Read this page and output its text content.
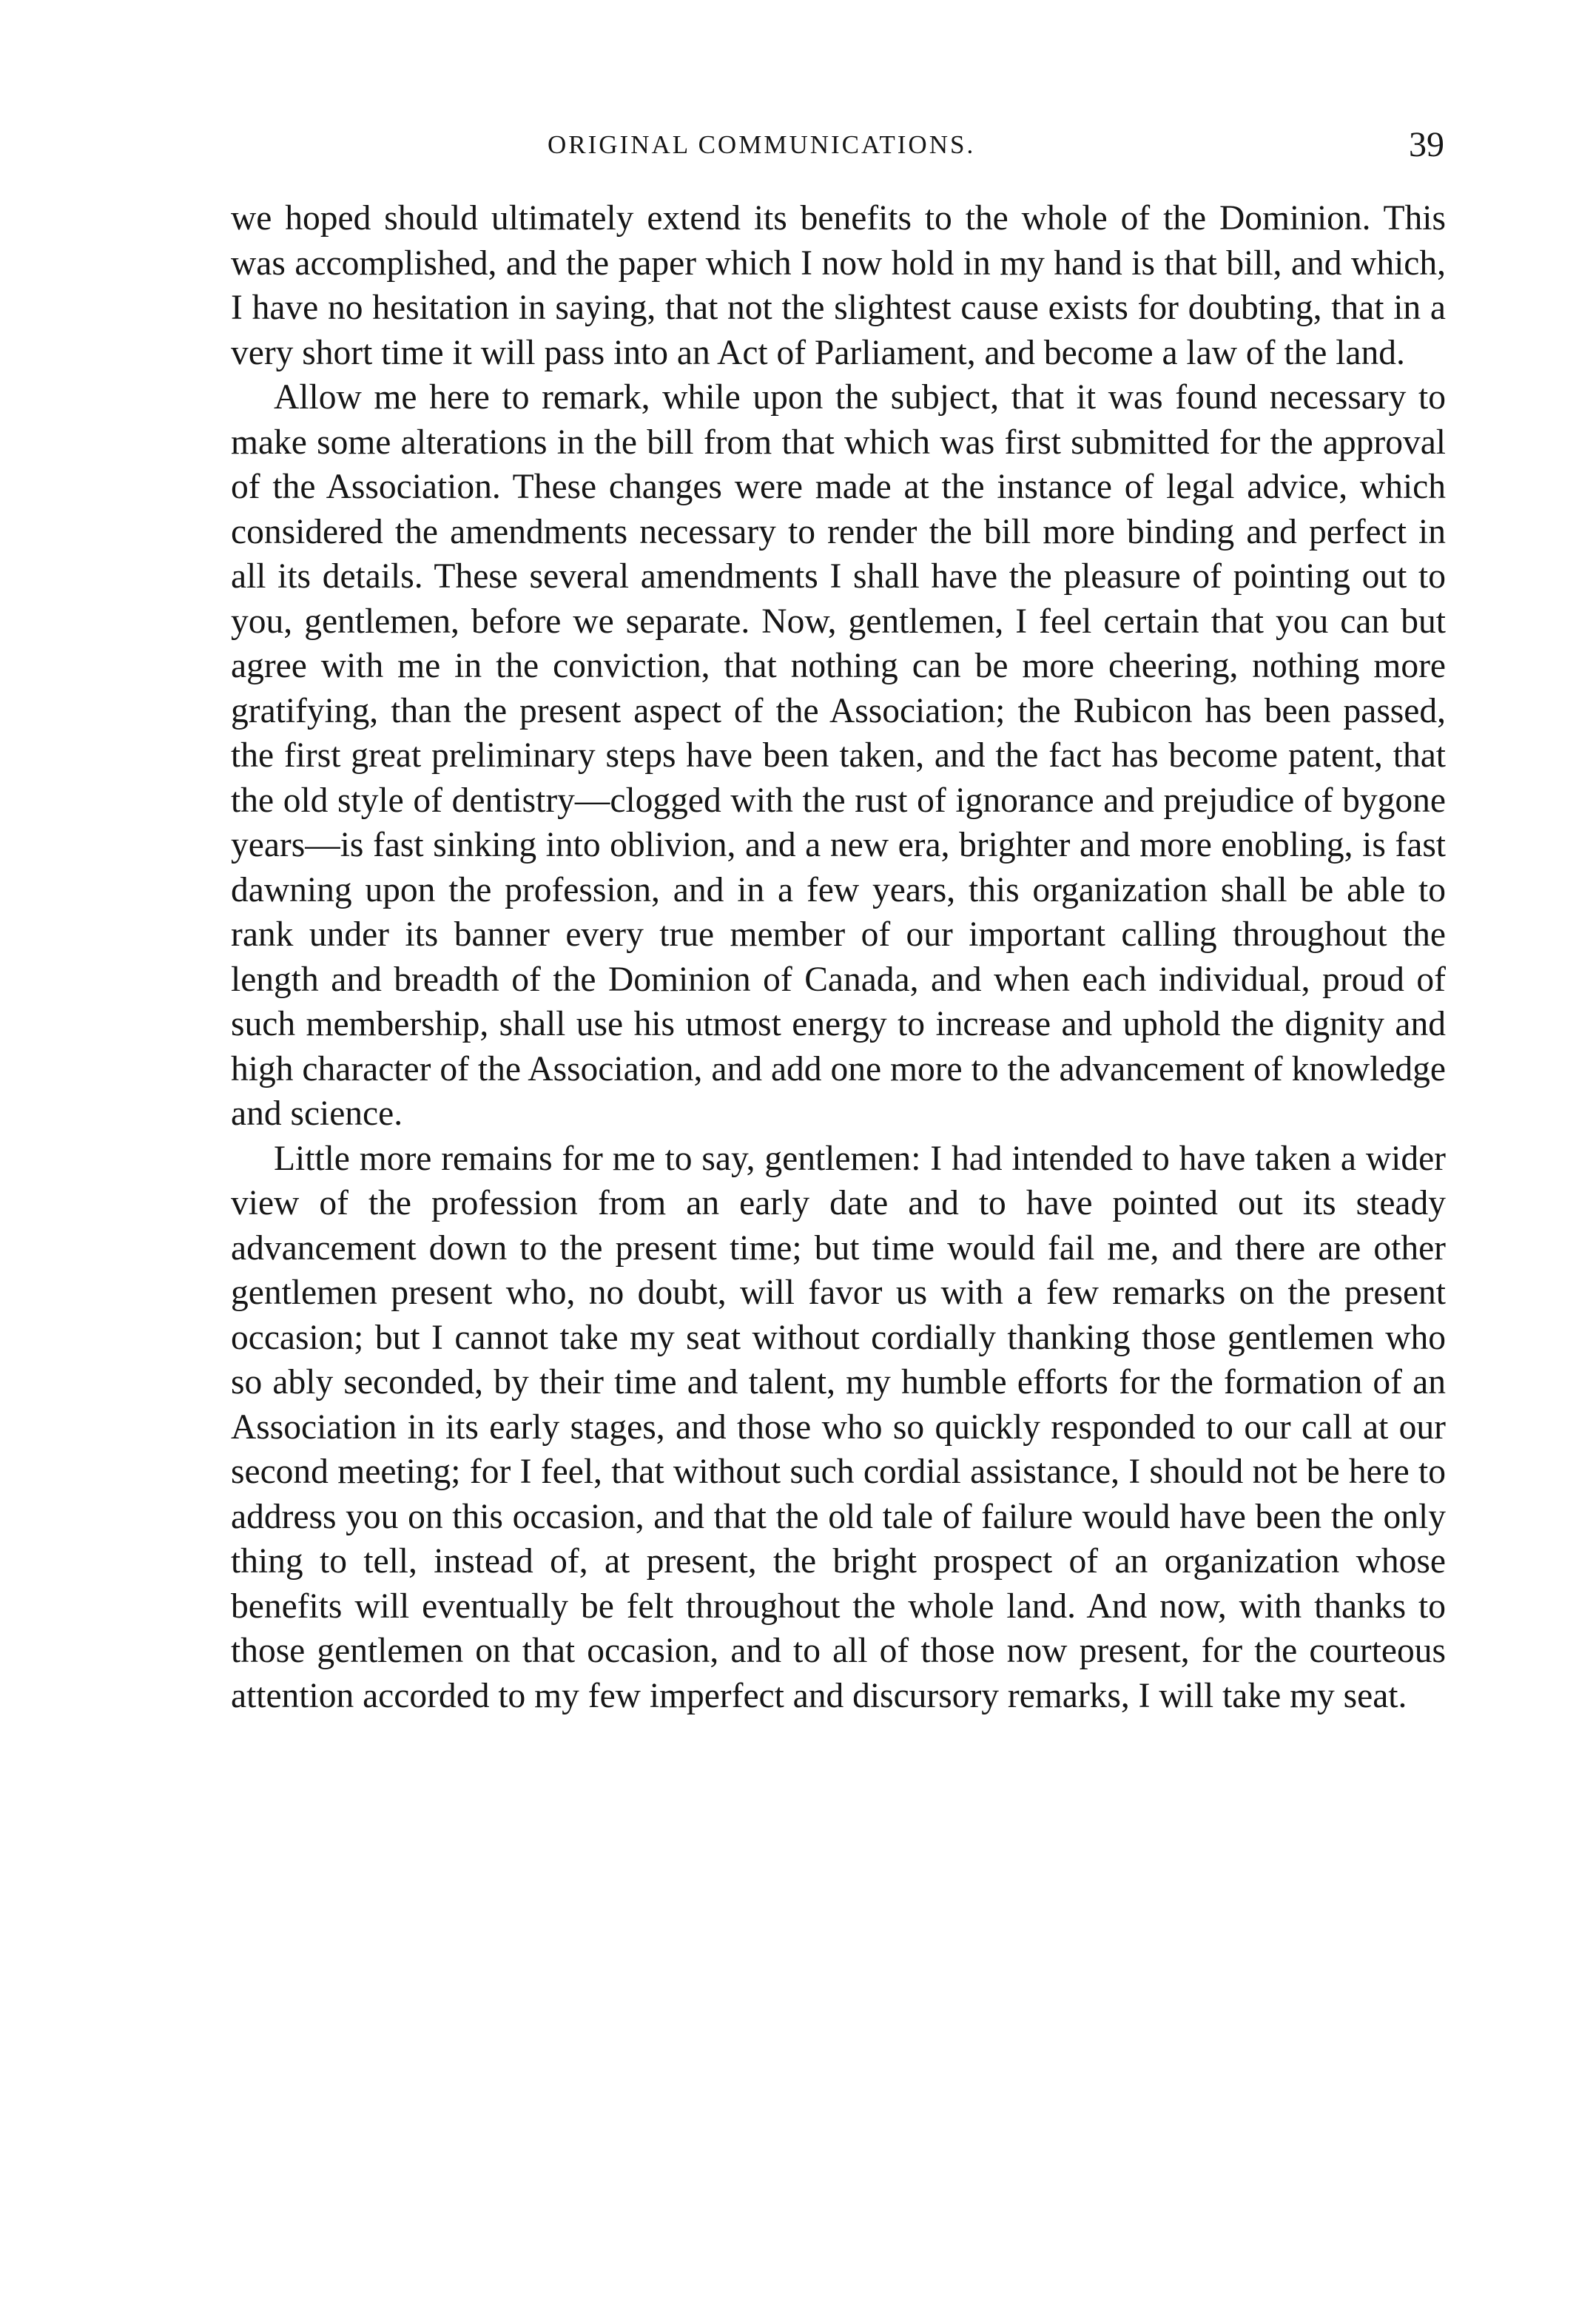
ORIGINAL COMMUNICATIONS.	39

we hoped should ultimately extend its benefits to the whole of the Dominion. This was accomplished, and the paper which I now hold in my hand is that bill, and which, I have no hesitation in saying, that not the slightest cause exists for doubting, that in a very short time it will pass into an Act of Parliament, and become a law of the land.

Allow me here to remark, while upon the subject, that it was found necessary to make some alterations in the bill from that which was first submitted for the approval of the Association. These changes were made at the instance of legal advice, which considered the amendments necessary to render the bill more binding and perfect in all its details. These several amendments I shall have the pleasure of pointing out to you, gentlemen, before we separate. Now, gentlemen, I feel certain that you can but agree with me in the conviction, that nothing can be more cheering, nothing more gratifying, than the present aspect of the Association; the Rubicon has been passed, the first great preliminary steps have been taken, and the fact has become patent, that the old style of dentistry—clogged with the rust of ignorance and prejudice of bygone years—is fast sinking into oblivion, and a new era, brighter and more enobling, is fast dawning upon the profession, and in a few years, this organization shall be able to rank under its banner every true member of our important calling throughout the length and breadth of the Dominion of Canada, and when each individual, proud of such membership, shall use his utmost energy to increase and uphold the dignity and high character of the Association, and add one more to the advancement of knowledge and science.

Little more remains for me to say, gentlemen: I had intended to have taken a wider view of the profession from an early date and to have pointed out its steady advancement down to the present time; but time would fail me, and there are other gentlemen present who, no doubt, will favor us with a few remarks on the present occasion; but I cannot take my seat without cordially thanking those gentlemen who so ably seconded, by their time and talent, my humble efforts for the formation of an Association in its early stages, and those who so quickly responded to our call at our second meeting; for I feel, that without such cordial assistance, I should not be here to address you on this occasion, and that the old tale of failure would have been the only thing to tell, instead of, at present, the bright prospect of an organization whose benefits will eventually be felt throughout the whole land. And now, with thanks to those gentlemen on that occasion, and to all of those now present, for the courteous attention accorded to my few imperfect and discursory remarks, I will take my seat.
